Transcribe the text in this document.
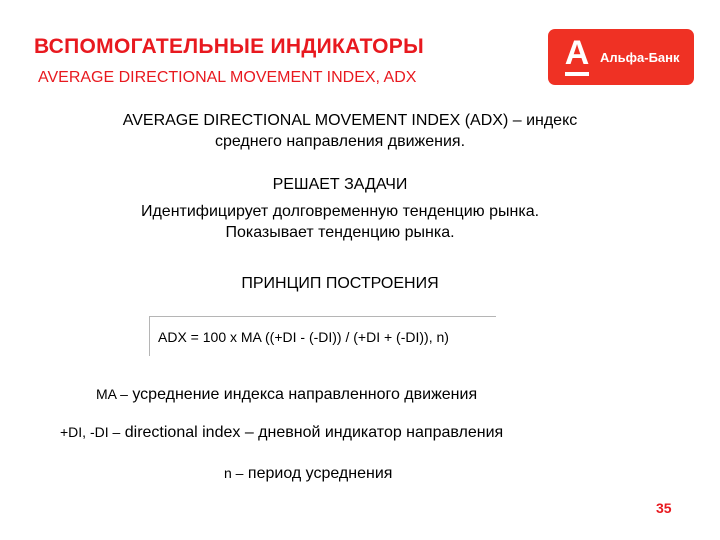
ВСПОМОГАТЕЛЬНЫЕ ИНДИКАТОРЫ
AVERAGE DIRECTIONAL MOVEMENT INDEX, ADX
А Альфа-Банк
AVERAGE DIRECTIONAL MOVEMENT INDEX (ADX) – индекс
среднего направления движения.
РЕШАЕТ ЗАДАЧИ
Идентифицирует долговременную тенденцию рынка.
Показывает тенденцию рынка.
ПРИНЦИП ПОСТРОЕНИЯ
ADX = 100 x MA ((+DI - (-DI)) / (+DI + (-DI)), n)
MA – усреднение индекса направленного движения
+DI, -DI – directional index – дневной индикатор направления
n – период усреднения
35
